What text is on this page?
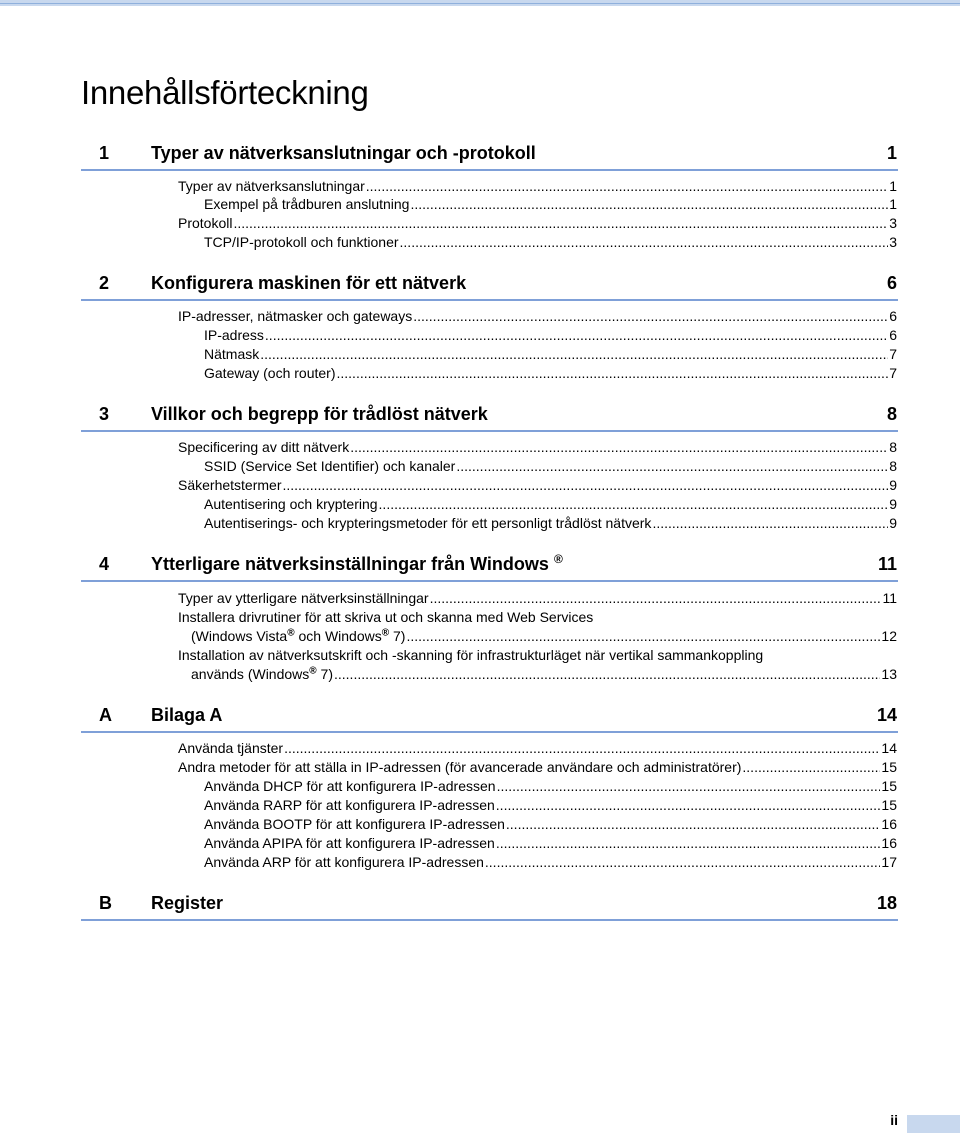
Innehållsförteckning
1 Typer av nätverksanslutningar och -protokoll	1
Typer av nätverksanslutningar .....	1
Exempel på trådburen anslutning .....	1
Protokoll .....	3
TCP/IP-protokoll och funktioner .....	3
2 Konfigurera maskinen för ett nätverk	6
IP-adresser, nätmasker och gateways .....	6
IP-adress .....	6
Nätmask .....	7
Gateway (och router) .....	7
3 Villkor och begrepp för trådlöst nätverk	8
Specificering av ditt nätverk .....	8
SSID (Service Set Identifier) och kanaler .....	8
Säkerhetstermer .....	9
Autentisering och kryptering .....	9
Autentiserings- och krypteringsmetoder för ett personligt trådlöst nätverk .....	9
4 Ytterligare nätverksinställningar från Windows ®	11
Typer av ytterligare nätverksinställningar .....	11
Installera drivrutiner för att skriva ut och skanna med Web Services
(Windows Vista® och Windows® 7) .....	12
Installation av nätverksutskrift och -skanning för infrastrukturläget när vertikal sammankoppling
används (Windows® 7) .....	13
A Bilaga A	14
Använda tjänster .....	14
Andra metoder för att ställa in IP-adressen (för avancerade användare och administratörer) .....	15
Använda DHCP för att konfigurera IP-adressen .....	15
Använda RARP för att konfigurera IP-adressen .....	15
Använda BOOTP för att konfigurera IP-adressen .....	16
Använda APIPA för att konfigurera IP-adressen .....	16
Använda ARP för att konfigurera IP-adressen .....	17
B Register	18
ii
